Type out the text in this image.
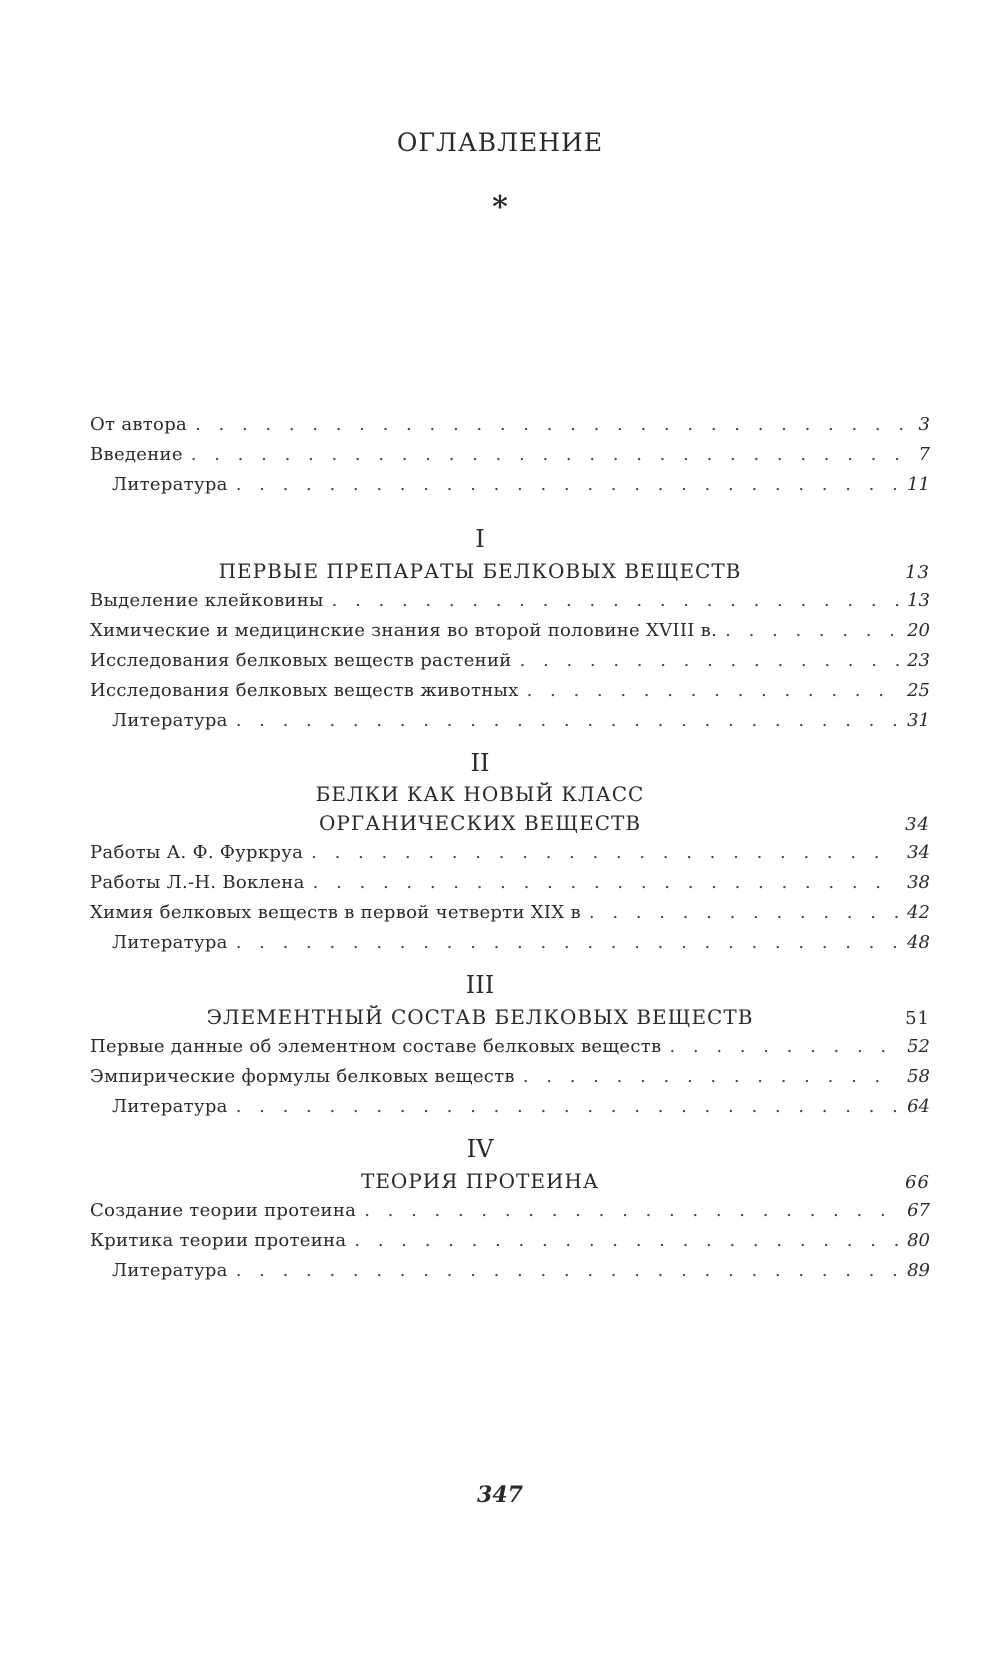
ОГЛАВЛЕНИЕ
*
От автора . . .	3
Введение . . .	7
Литература . . .	11
I
ПЕРВЫЕ ПРЕПАРАТЫ БЕЛКОВЫХ ВЕЩЕСТВ	13
Выделение клейковины . . .	13
Химические и медицинские знания во второй половине XVIII в. . . .	20
Исследования белковых веществ растений . . .	23
Исследования белковых веществ животных . . .	25
Литература . . .	31
II
БЕЛКИ КАК НОВЫЙ КЛАСС
ОРГАНИЧЕСКИХ ВЕЩЕСТВ	34
Работы А. Ф. Фуркруа . . .	34
Работы Л.-Н. Воклена . . .	38
Химия белковых веществ в первой четверти XIX в . . .	42
Литература . . .	48
III
ЭЛЕМЕНТНЫЙ СОСТАВ БЕЛКОВЫХ ВЕЩЕСТВ	51
Первые данные об элементном составе белковых веществ . . .	52
Эмпирические формулы белковых веществ . . .	58
Литература . . .	64
IV
ТЕОРИЯ ПРОТЕИНА	66
Создание теории протеина . . .	67
Критика теории протеина . . .	80
Литература . . .	89
347
